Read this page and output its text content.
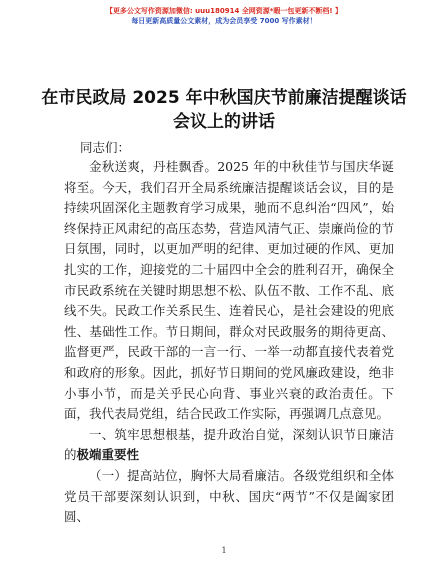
【更多公文写作资源加微信: uuu180914 全网资源*暇一包更新不断档! 】
每日更新高质量公文素材，成为会员享受 7000 写作素材！
在市民政局 2025 年中秋国庆节前廉洁提醒谈话会议上的讲话
同志们：

金秋送爽，丹桂飘香。2025 年的中秋佳节与国庆华诞将至。今天，我们召开全局系统廉洁提醒谈话会议，目的是持续巩固深化主题教育学习成果，驰而不息纠治“四风”，始终保持正风肃纪的高压态势，营造风清气正、崇廉尚俭的节日氛围，同时，以更加严明的纪律、更加过硬的作风、更加扎实的工作，迎接党的二十届四中全会的胜利召开，确保全市民政系统在关键时期思想不松、队伍不散、工作不乱、底线不失。民政工作关系民生、连着民心，是社会建设的兜底性、基础性工作。节日期间，群众对民政服务的期待更高、监督更严，民政干部的一言一行、一举一动都直接代表着党和政府的形象。因此，抓好节日期间的党风廉政建设，绝非小事小节，而是关乎民心向背、事业兴衰的政治责任。下面，我代表局党组，结合民政工作实际，再强调几点意见。

一、筑牢思想根基，提升政治自觉，深刻认识节日廉洁的极端重要性

（一）提高站位，胸怀大局看廉洁。各级党组织和全体党员干部要深刻认识到，中秋、国庆“两节”不仅是阖家团圆、

1
